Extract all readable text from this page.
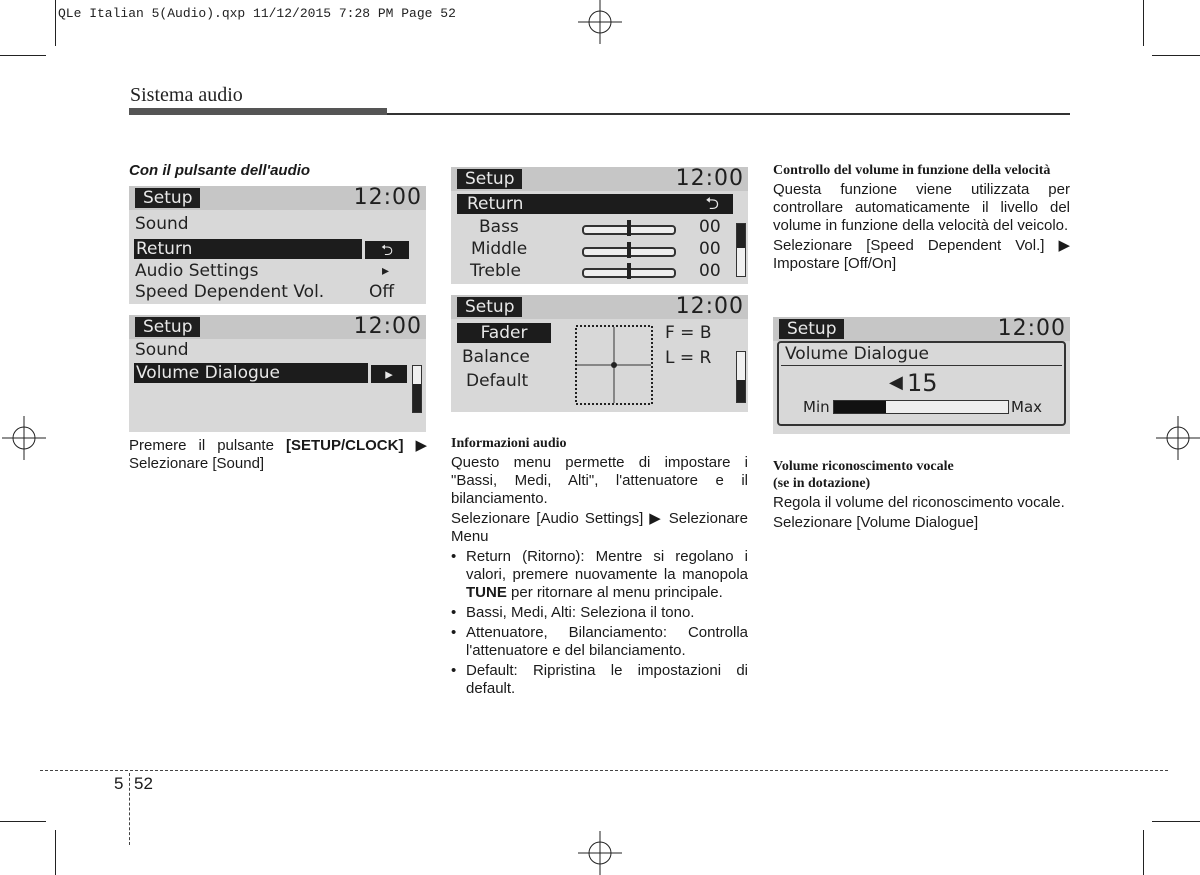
QLe Italian 5(Audio).qxp 11/12/2015 7:28 PM Page 52
Sistema audio
Con il pulsante dell'audio
Setup	12:00
Sound
Return	⮌
Audio Settings	▸
Speed Dependent Vol.	Off
Setup	12:00
Sound
Volume Dialogue	▸

Premere il pulsante [SETUP/CLOCK] ▶ Selezionare [Sound]

Setup	12:00
Return	⮌
Bass	00
Middle	00
Treble	00
Setup	12:00
Fader
Balance
Default
F = B
L = R
Informazioni audio

Questo menu permette di impostare i "Bassi, Medi, Alti", l'attenuatore e il bilanciamento.

Selezionare [Audio Settings] ▶ Selezionare Menu

• Return (Ritorno): Mentre si regolano i valori, premere nuovamente la manopola TUNE per ritornare al menu principale.
• Bassi, Medi, Alti: Seleziona il tono.
• Attenuatore, Bilanciamento: Controlla l'attenuatore e del bilanciamento.
• Default: Ripristina le impostazioni di default.
Controllo del volume in funzione della velocità

Questa funzione viene utilizzata per controllare automaticamente il livello del volume in funzione della velocità del veicolo.

Selezionare [Speed Dependent Vol.] ▶ Impostare [Off/On]

Setup	12:00
Volume Dialogue
◀ 15
Min	Max
Volume riconoscimento vocale
(se in dotazione)

Regola il volume del riconoscimento vocale.

Selezionare [Volume Dialogue]

5 52
